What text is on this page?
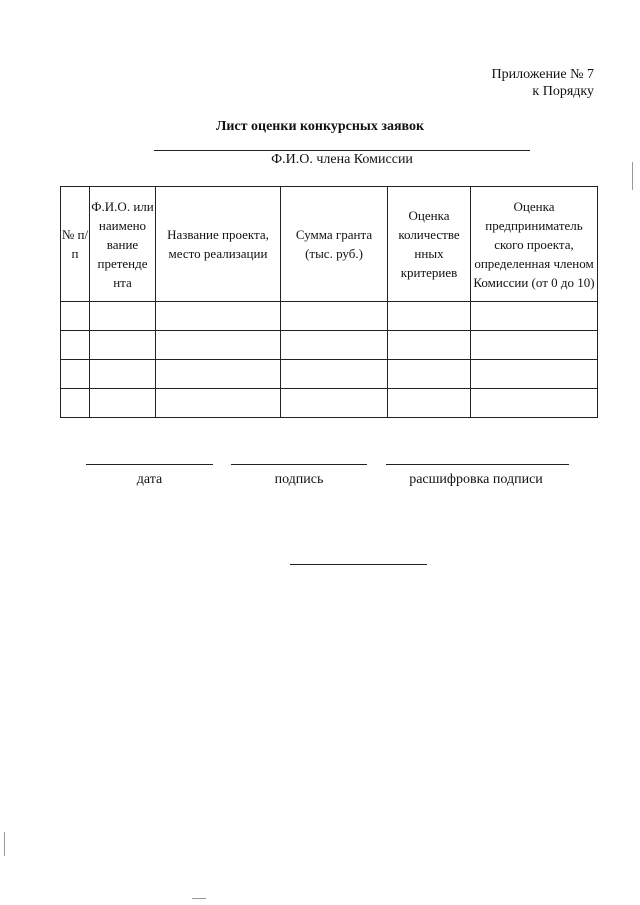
Приложение № 7
к Порядку
Лист оценки конкурсных заявок
Ф.И.О. члена Комиссии
№ п/п	Ф.И.О. или наимено вание претенде нта	Название проекта, место реализации	Сумма гранта (тыс. руб.)	Оценка количестве нных критериев	Оценка предприниматель ского проекта, определенная членом Комиссии (от 0 до 10)

дата	подпись	расшифровка подписи
